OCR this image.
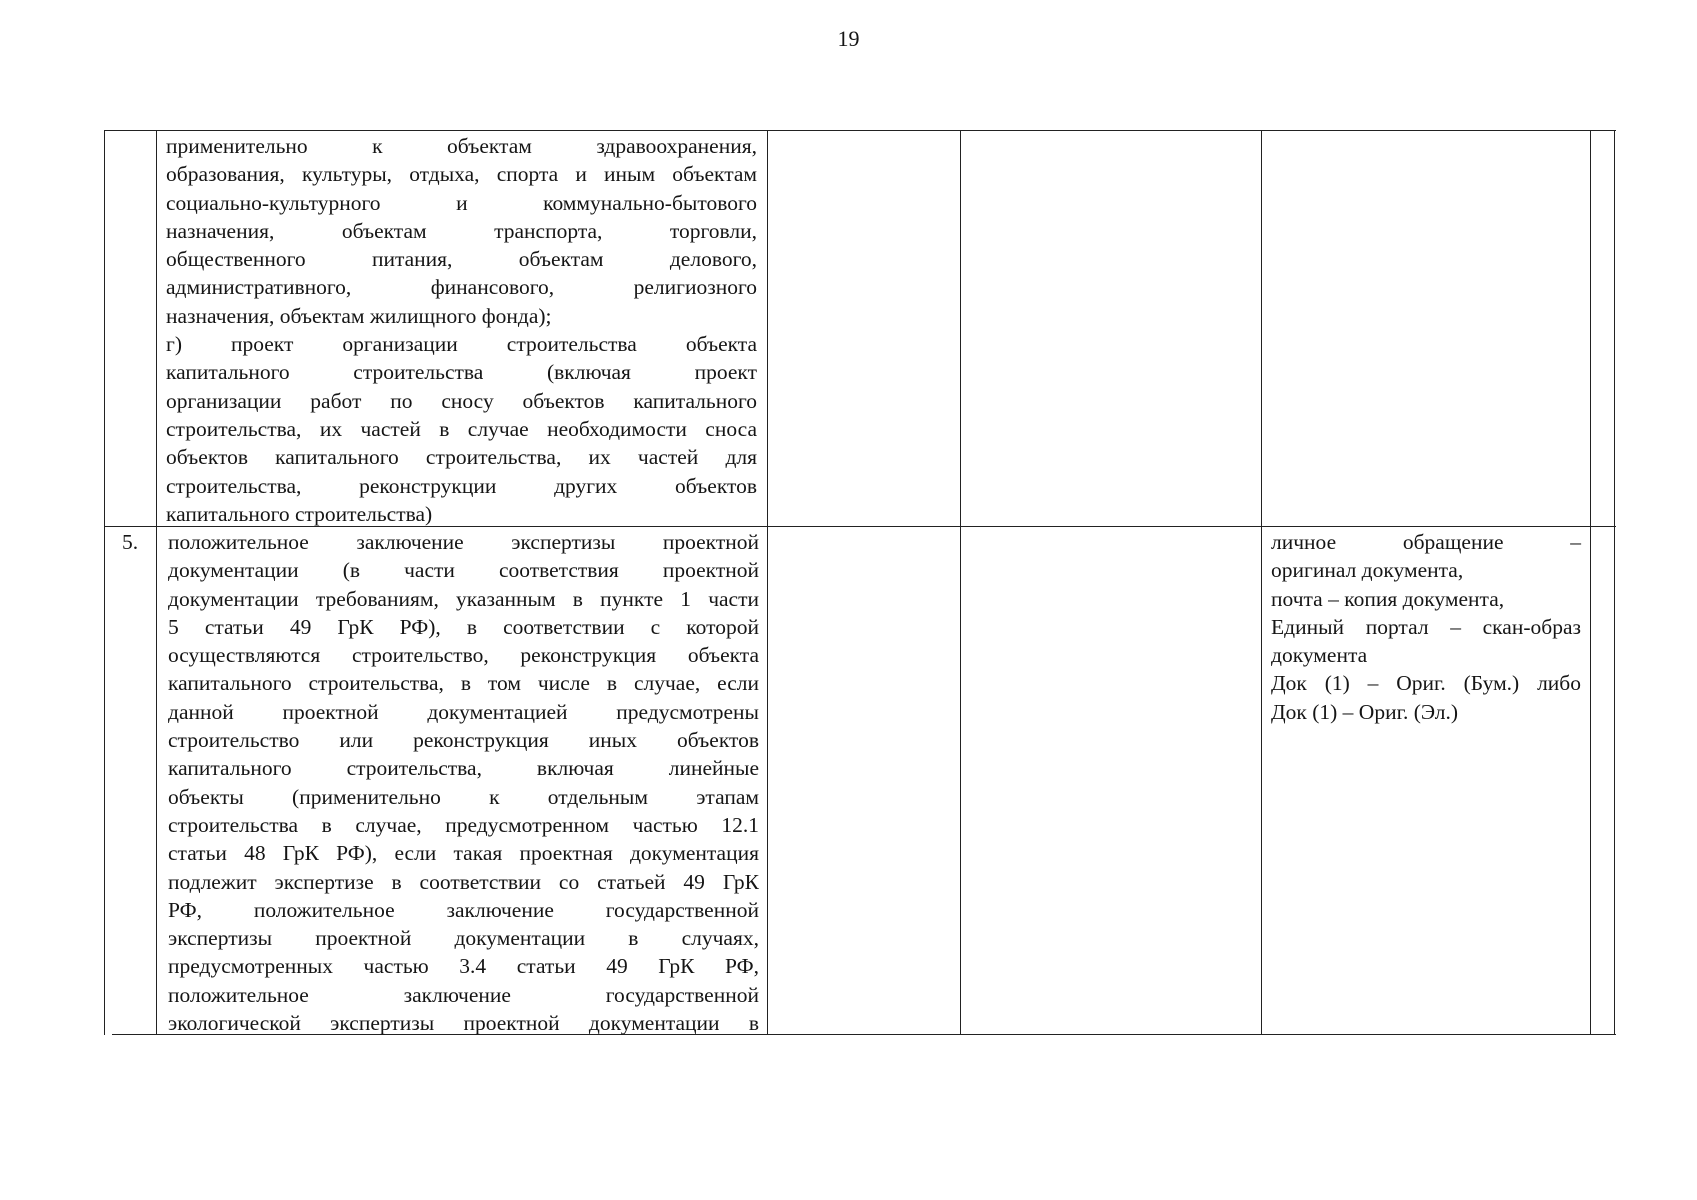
19
применительно к объектам здравоохранения,
образования, культуры, отдыха, спорта и иным объектам
социально-культурного и коммунально-бытового
назначения, объектам транспорта, торговли,
общественного питания, объектам делового,
административного, финансового, религиозного
назначения, объектам жилищного фонда);
г) проект организации строительства объекта
капитального строительства (включая проект
организации работ по сносу объектов капитального
строительства, их частей в случае необходимости сноса
объектов капитального строительства, их частей для
строительства, реконструкции других объектов
капитального строительства)
5. положительное заключение экспертизы проектной
документации (в части соответствия проектной
документации требованиям, указанным в пункте 1 части
5 статьи 49 ГрК РФ), в соответствии с которой
осуществляются строительство, реконструкция объекта
капитального строительства, в том числе в случае, если
данной проектной документацией предусмотрены
строительство или реконструкция иных объектов
капитального строительства, включая линейные
объекты (применительно к отдельным этапам
строительства в случае, предусмотренном частью 12.1
статьи 48 ГрК РФ), если такая проектная документация
подлежит экспертизе в соответствии со статьей 49 ГрК
РФ, положительное заключение государственной
экспертизы проектной документации в случаях,
предусмотренных частью 3.4 статьи 49 ГрК РФ,
положительное заключение государственной
экологической экспертизы проектной документации в
личное обращение –
оригинал документа,
почта – копия документа,
Единый портал – скан-образ
документа
Док (1) – Ориг. (Бум.) либо
Док (1) – Ориг. (Эл.)
